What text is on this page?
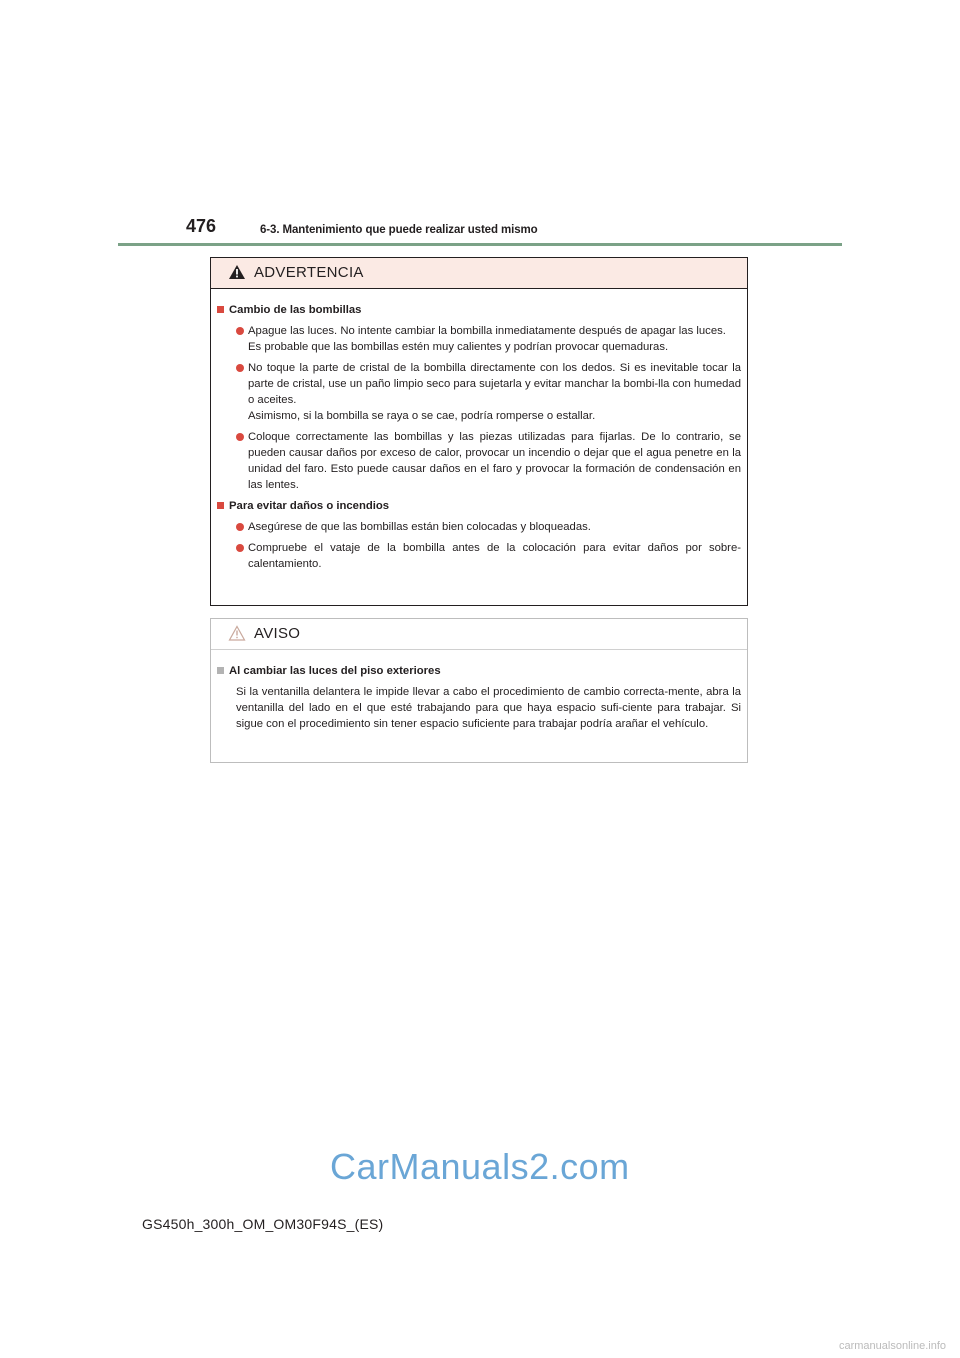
476	6-3. Mantenimiento que puede realizar usted mismo
ADVERTENCIA
Cambio de las bombillas
Apague las luces. No intente cambiar la bombilla inmediatamente después de apagar las luces.
Es probable que las bombillas estén muy calientes y podrían provocar quemaduras.
No toque la parte de cristal de la bombilla directamente con los dedos. Si es inevitable tocar la parte de cristal, use un paño limpio seco para sujetarla y evitar manchar la bombi-lla con humedad o aceites.
Asimismo, si la bombilla se raya o se cae, podría romperse o estallar.
Coloque correctamente las bombillas y las piezas utilizadas para fijarlas. De lo contrario, se pueden causar daños por exceso de calor, provocar un incendio o dejar que el agua penetre en la unidad del faro. Esto puede causar daños en el faro y provocar la formación de condensación en las lentes.
Para evitar daños o incendios
Asegúrese de que las bombillas están bien colocadas y bloqueadas.
Compruebe el vataje de la bombilla antes de la colocación para evitar daños por sobre-calentamiento.
AVISO
Al cambiar las luces del piso exteriores
Si la ventanilla delantera le impide llevar a cabo el procedimiento de cambio correcta-mente, abra la ventanilla del lado en el que esté trabajando para que haya espacio sufi-ciente para trabajar. Si sigue con el procedimiento sin tener espacio suficiente para trabajar podría arañar el vehículo.
CarManuals2.com
GS450h_300h_OM_OM30F94S_(ES)
carmanualsonline.info
